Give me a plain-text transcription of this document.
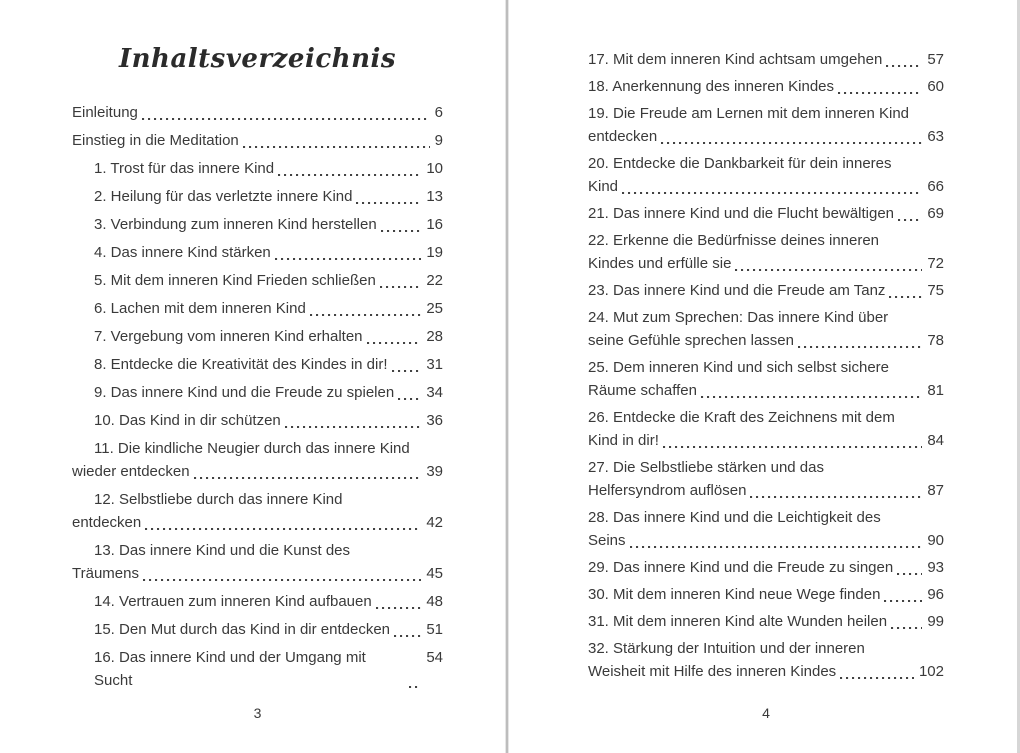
Inhaltsverzeichnis
Einleitung	6
Einstieg in die Meditation	9
1. Trost für das innere Kind	10
2. Heilung für das verletzte innere Kind	13
3. Verbindung zum inneren Kind herstellen	16
4. Das innere Kind stärken	19
5. Mit dem inneren Kind Frieden schließen	22
6. Lachen mit dem inneren Kind	25
7. Vergebung vom inneren Kind erhalten	28
8. Entdecke die Kreativität des Kindes in dir!	31
9. Das innere Kind und die Freude zu spielen 34
10. Das Kind in dir schützen	36
11. Die kindliche Neugier durch das innere Kind
wieder entdecken	39
12. Selbstliebe durch das innere Kind
entdecken	42
13. Das innere Kind und die Kunst des
Träumens	45
14. Vertrauen zum inneren Kind aufbauen	48
15. Den Mut durch das Kind in dir entdecken 51
16. Das innere Kind und der Umgang mit Sucht
54
3
17. Mit dem inneren Kind achtsam umgehen	57
18. Anerkennung des inneren Kindes	60
19. Die Freude am Lernen mit dem inneren Kind
entdecken	63
20. Entdecke die Dankbarkeit für dein inneres
Kind	66
21. Das innere Kind und die Flucht bewältigen 69
22. Erkenne die Bedürfnisse deines inneren
Kindes und erfülle sie	72
23. Das innere Kind und die Freude am Tanz	75
24. Mut zum Sprechen: Das innere Kind über
seine Gefühle sprechen lassen	78
25. Dem inneren Kind und sich selbst sichere
Räume schaffen	81
26. Entdecke die Kraft des Zeichnens mit dem
Kind in dir!	84
27. Die Selbstliebe stärken und das
Helfersyndrom auflösen	87
28. Das innere Kind und die Leichtigkeit des
Seins	90
29. Das innere Kind und die Freude zu singen 93
30. Mit dem inneren Kind neue Wege finden	96
31. Mit dem inneren Kind alte Wunden heilen	99
32. Stärkung der Intuition und der inneren
Weisheit mit Hilfe des inneren Kindes	102
4
